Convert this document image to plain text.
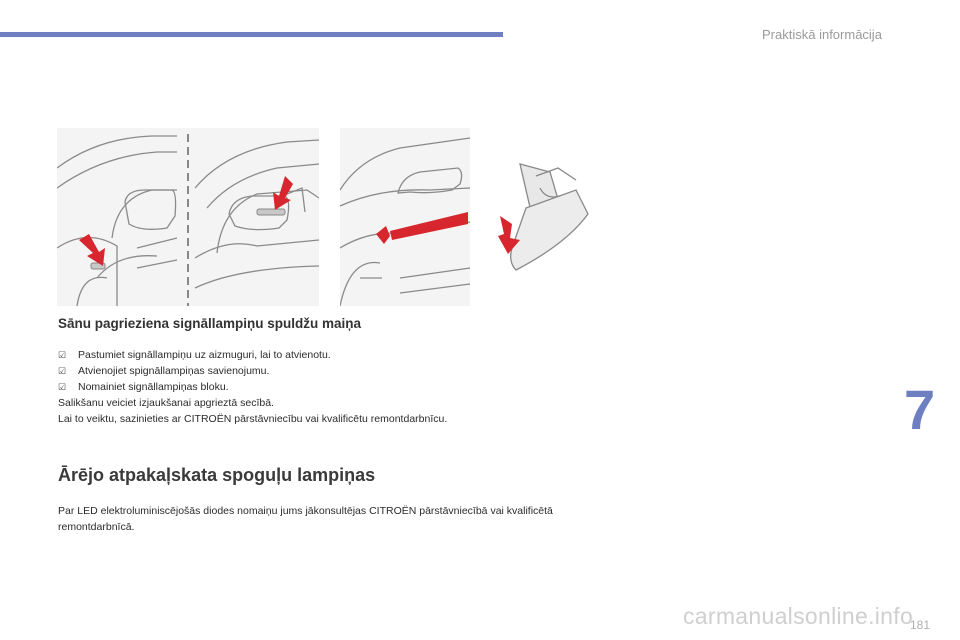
Praktiskā informācija
Sānu pagrieziena signāllampiņu spuldžu maiņa
☑ Pastumiet signāllampiņu uz aizmuguri, lai to atvienotu.
☑ Atvienojiet spignāllampiņas savienojumu.
☑ Nomainiet signāllampiņas bloku.
Salikšanu veiciet izjaukšanai apgrieztā secībā.
Lai to veiktu, sazinieties ar CITROËN pārstāvniecību vai kvalificētu remontdarbnīcu.
Ārējo atpakaļskata spoguļu lampiņas
Par LED elektroluminiscējošās diodes nomaiņu jums jākonsultējas CITROËN pārstāvniecībā vai kvalificētā remontdarbnīcā.
7
carmanualsonline.info
181
